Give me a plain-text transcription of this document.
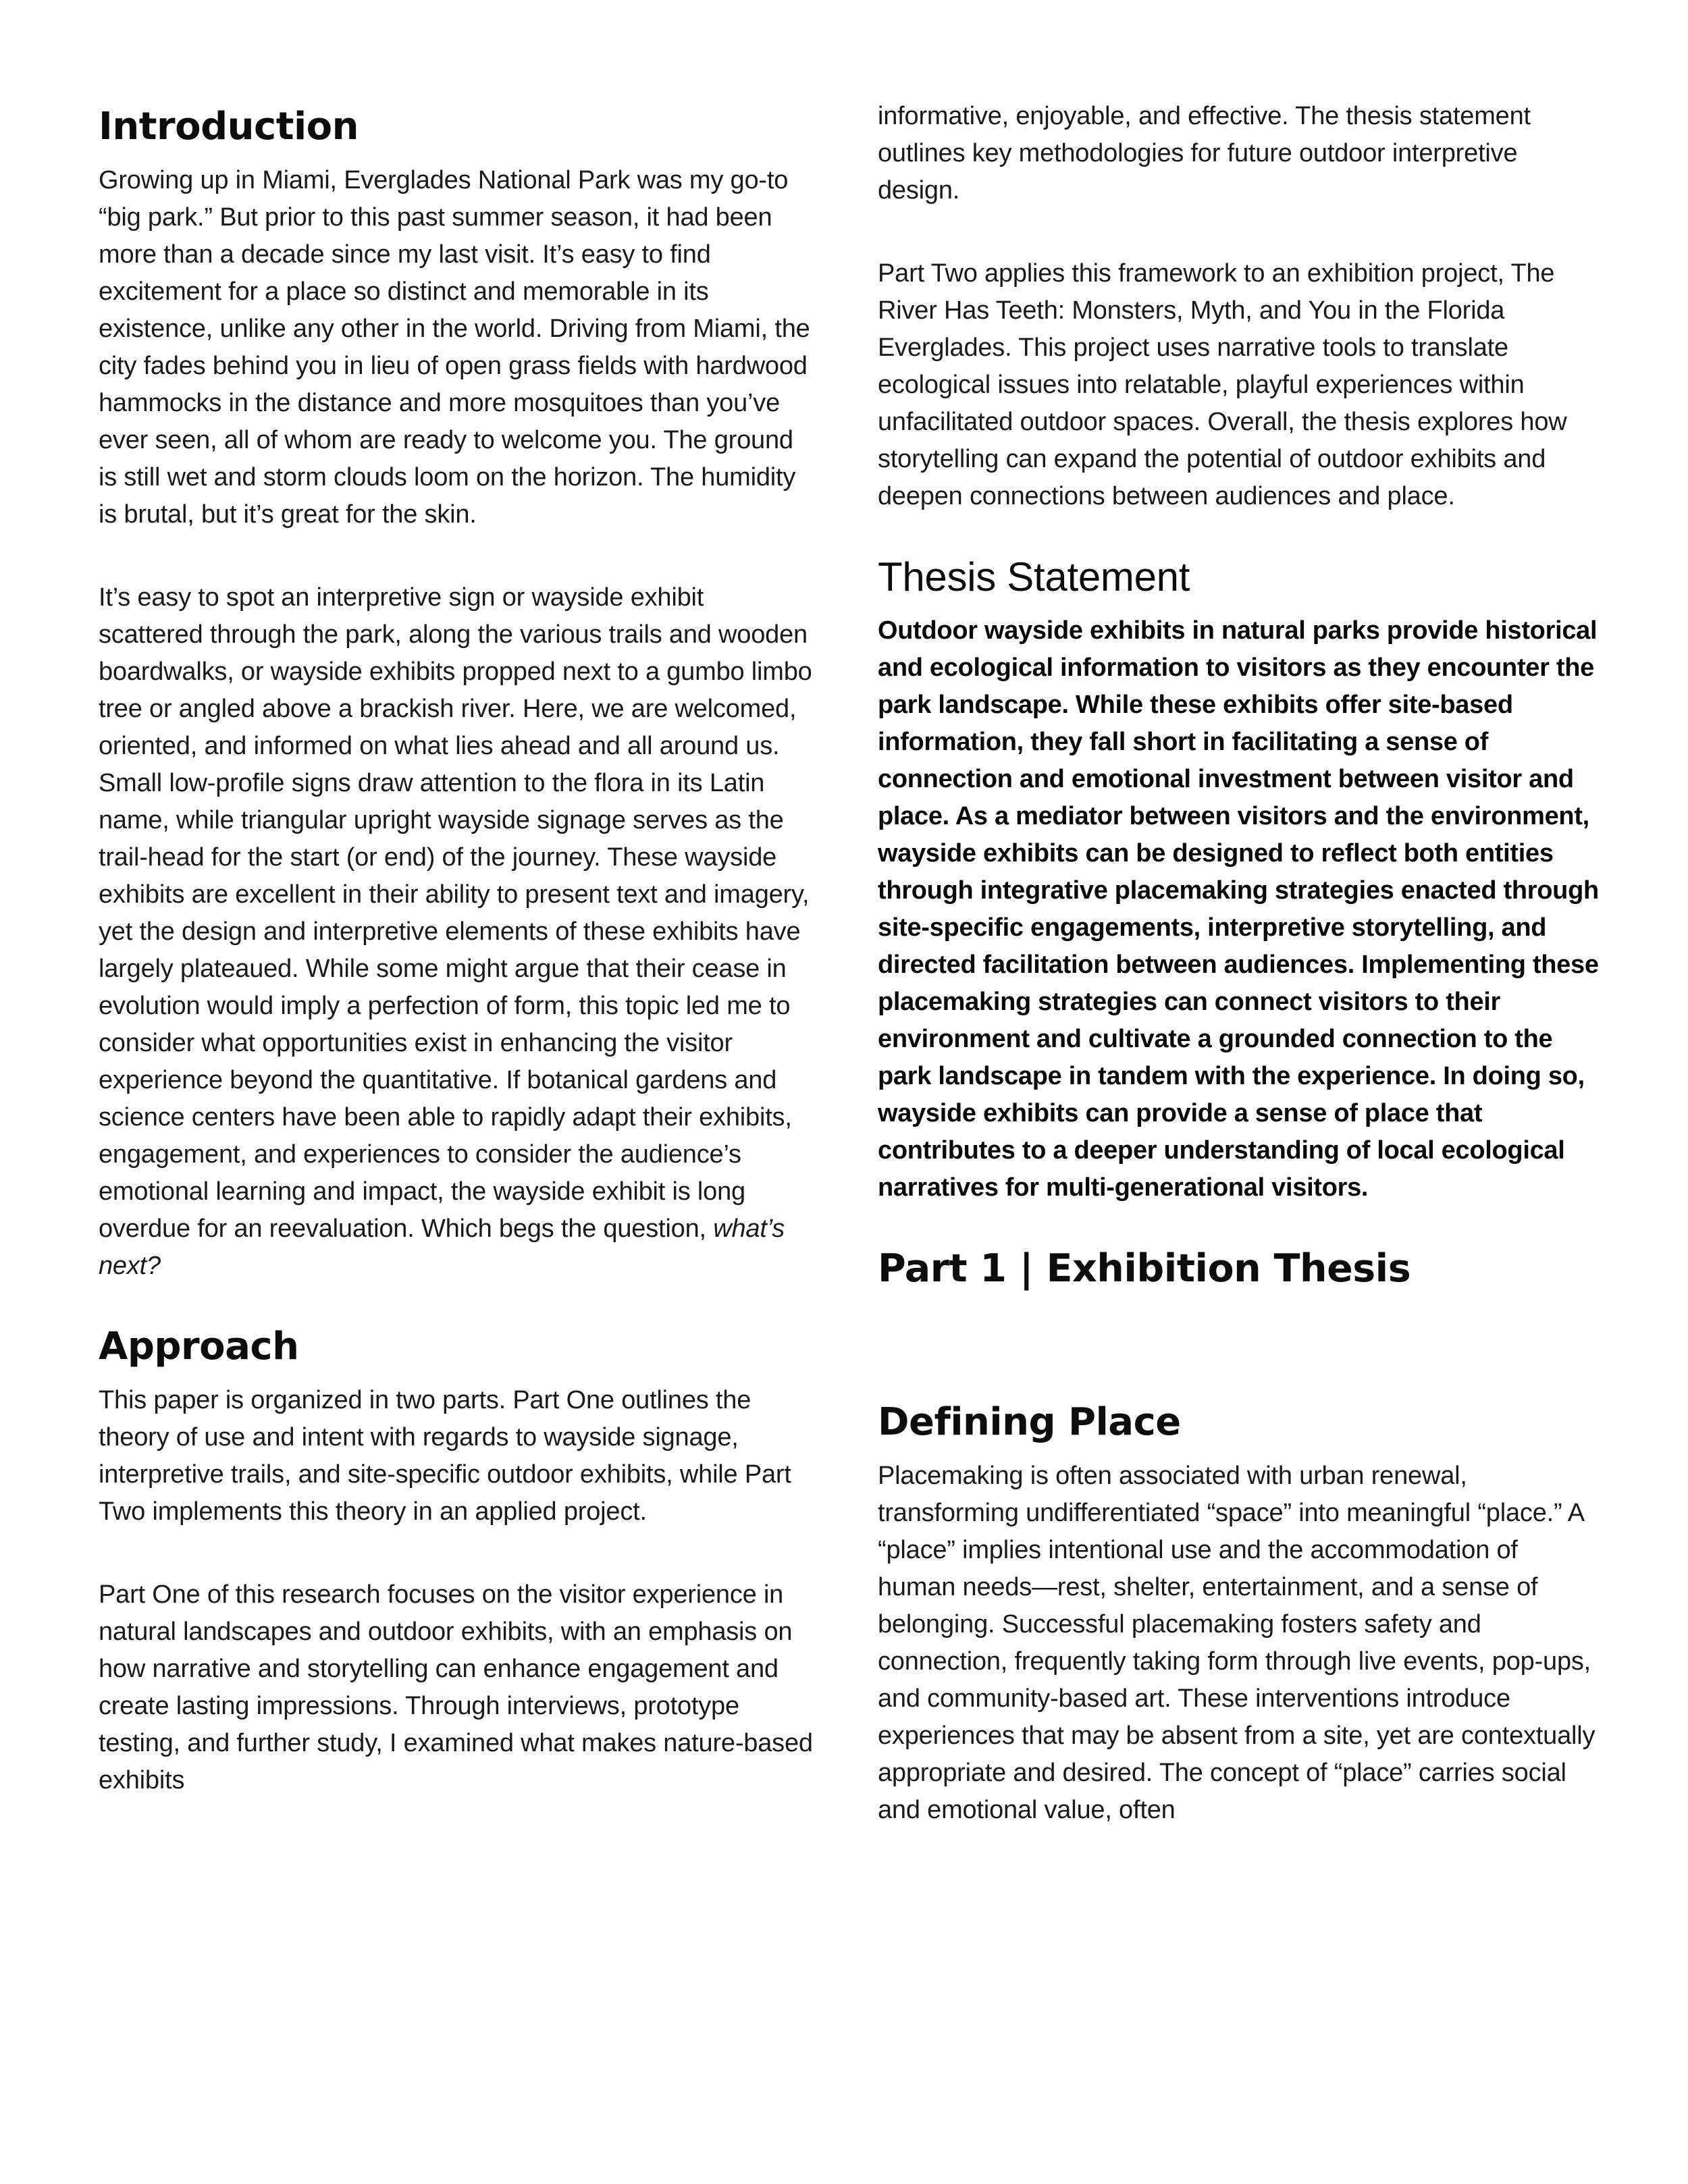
Introduction

Growing up in Miami, Everglades National Park was my go-to “big park.” But prior to this past summer season, it had been more than a decade since my last visit. It’s easy to find excitement for a place so distinct and memorable in its existence, unlike any other in the world. Driving from Miami, the city fades behind you in lieu of open grass fields with hardwood hammocks in the distance and more mosquitoes than you’ve ever seen, all of whom are ready to welcome you. The ground is still wet and storm clouds loom on the horizon. The humidity is brutal, but it’s great for the skin.

It’s easy to spot an interpretive sign or wayside exhibit scattered through the park, along the various trails and wooden boardwalks, or wayside exhibits propped next to a gumbo limbo tree or angled above a brackish river. Here, we are welcomed, oriented, and informed on what lies ahead and all around us. Small low-profile signs draw attention to the flora in its Latin name, while triangular upright wayside signage serves as the trail-head for the start (or end) of the journey. These wayside exhibits are excellent in their ability to present text and imagery, yet the design and interpretive elements of these exhibits have largely plateaued. While some might argue that their cease in evolution would imply a perfection of form, this topic led me to consider what opportunities exist in enhancing the visitor experience beyond the quantitative. If botanical gardens and science centers have been able to rapidly adapt their exhibits, engagement, and experiences to consider the audience’s emotional learning and impact, the wayside exhibit is long overdue for an reevaluation. Which begs the question, what’s next?

Approach

This paper is organized in two parts. Part One outlines the theory of use and intent with regards to wayside signage, interpretive trails, and site-specific outdoor exhibits, while Part Two implements this theory in an applied project.

Part One of this research focuses on the visitor experience in natural landscapes and outdoor exhibits, with an emphasis on how narrative and storytelling can enhance engagement and create lasting impressions. Through interviews, prototype testing, and further study, I examined what makes nature-based exhibits

informative, enjoyable, and effective. The thesis statement outlines key methodologies for future outdoor interpretive design.

Part Two applies this framework to an exhibition project, The River Has Teeth: Monsters, Myth, and You in the Florida Everglades. This project uses narrative tools to translate ecological issues into relatable, playful experiences within unfacilitated outdoor spaces. Overall, the thesis explores how storytelling can expand the potential of outdoor exhibits and deepen connections between audiences and place.

Thesis Statement

Outdoor wayside exhibits in natural parks provide historical and ecological information to visitors as they encounter the park landscape. While these exhibits offer site-based information, they fall short in facilitating a sense of connection and emotional investment between visitor and place. As a mediator between visitors and the environment, wayside exhibits can be designed to reflect both entities through integrative placemaking strategies enacted through site-specific engagements, interpretive storytelling, and directed facilitation between audiences. Implementing these placemaking strategies can connect visitors to their environment and cultivate a grounded connection to the park landscape in tandem with the experience. In doing so, wayside exhibits can provide a sense of place that contributes to a deeper understanding of local ecological narratives for multi-generational visitors.

Part 1 | Exhibition Thesis
Defining Place

Placemaking is often associated with urban renewal, transforming undifferentiated “space” into meaningful “place.” A “place” implies intentional use and the accommodation of human needs—rest, shelter, entertainment, and a sense of belonging. Successful placemaking fosters safety and connection, frequently taking form through live events, pop-ups, and community-based art. These interventions introduce experiences that may be absent from a site, yet are contextually appropriate and desired. The concept of “place” carries social and emotional value, often
